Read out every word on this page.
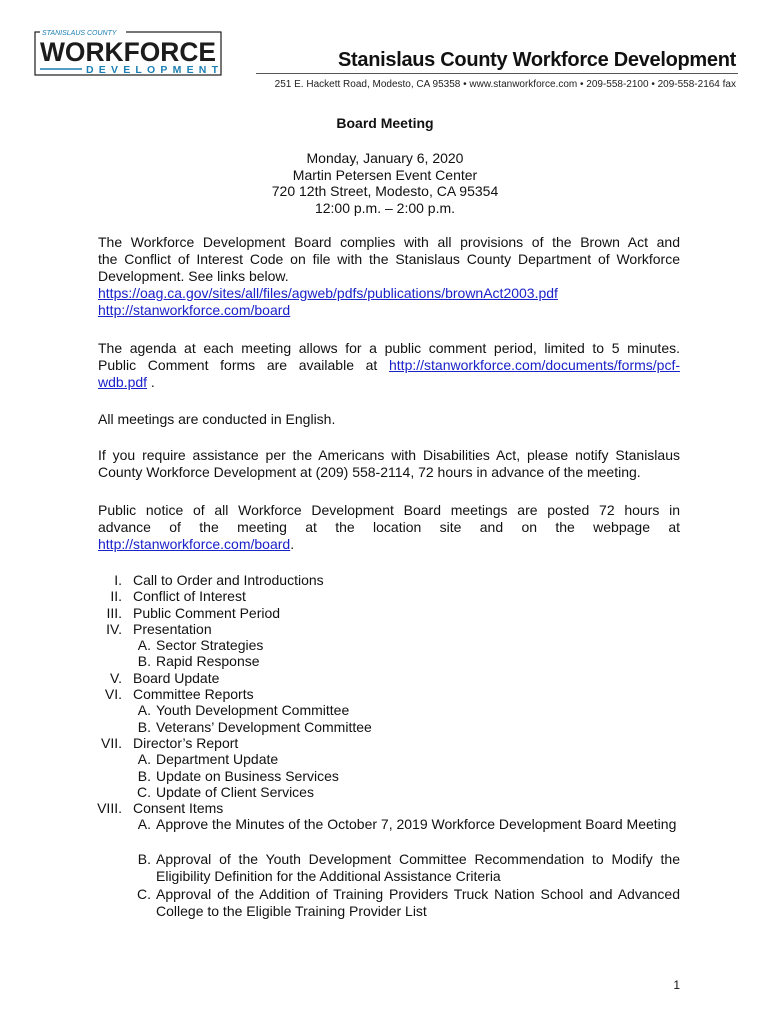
STANISLAUS COUNTY
WORKFORCE
DEVELOPMENT	Stanislaus County Workforce Development
251 E. Hackett Road, Modesto, CA 95358 • www.stanworkforce.com • 209-558-2100 • 209-558-2164 fax
Board Meeting
Monday, January 6, 2020
Martin Petersen Event Center
720 12th Street, Modesto, CA 95354
12:00 p.m. – 2:00 p.m.
The Workforce Development Board complies with all provisions of the Brown Act and
the Conflict of Interest Code on file with the Stanislaus County Department of Workforce
Development. See links below.
https://oag.ca.gov/sites/all/files/agweb/pdfs/publications/brownAct2003.pdf
http://stanworkforce.com/board
The agenda at each meeting allows for a public comment period, limited to 5 minutes.
Public Comment forms are available at http://stanworkforce.com/documents/forms/pcf-
wdb.pdf .
All meetings are conducted in English.
If you require assistance per the Americans with Disabilities Act, please notify Stanislaus
County Workforce Development at (209) 558-2114, 72 hours in advance of the meeting.
Public notice of all Workforce Development Board meetings are posted 72 hours in
advance of the meeting at the location site and on the webpage at
http://stanworkforce.com/board.
I. Call to Order and Introductions
II. Conflict of Interest
III. Public Comment Period
IV. Presentation
A. Sector Strategies
B. Rapid Response
V. Board Update
VI. Committee Reports
A. Youth Development Committee
B. Veterans’ Development Committee
VII. Director’s Report
A. Department Update
B. Update on Business Services
C. Update of Client Services
VIII. Consent Items
A. Approve the Minutes of the October 7, 2019 Workforce Development Board Meeting
B. Approval of the Youth Development Committee Recommendation to Modify the Eligibility Definition for the Additional Assistance Criteria
C. Approval of the Addition of Training Providers Truck Nation School and Advanced College to the Eligible Training Provider List
1
